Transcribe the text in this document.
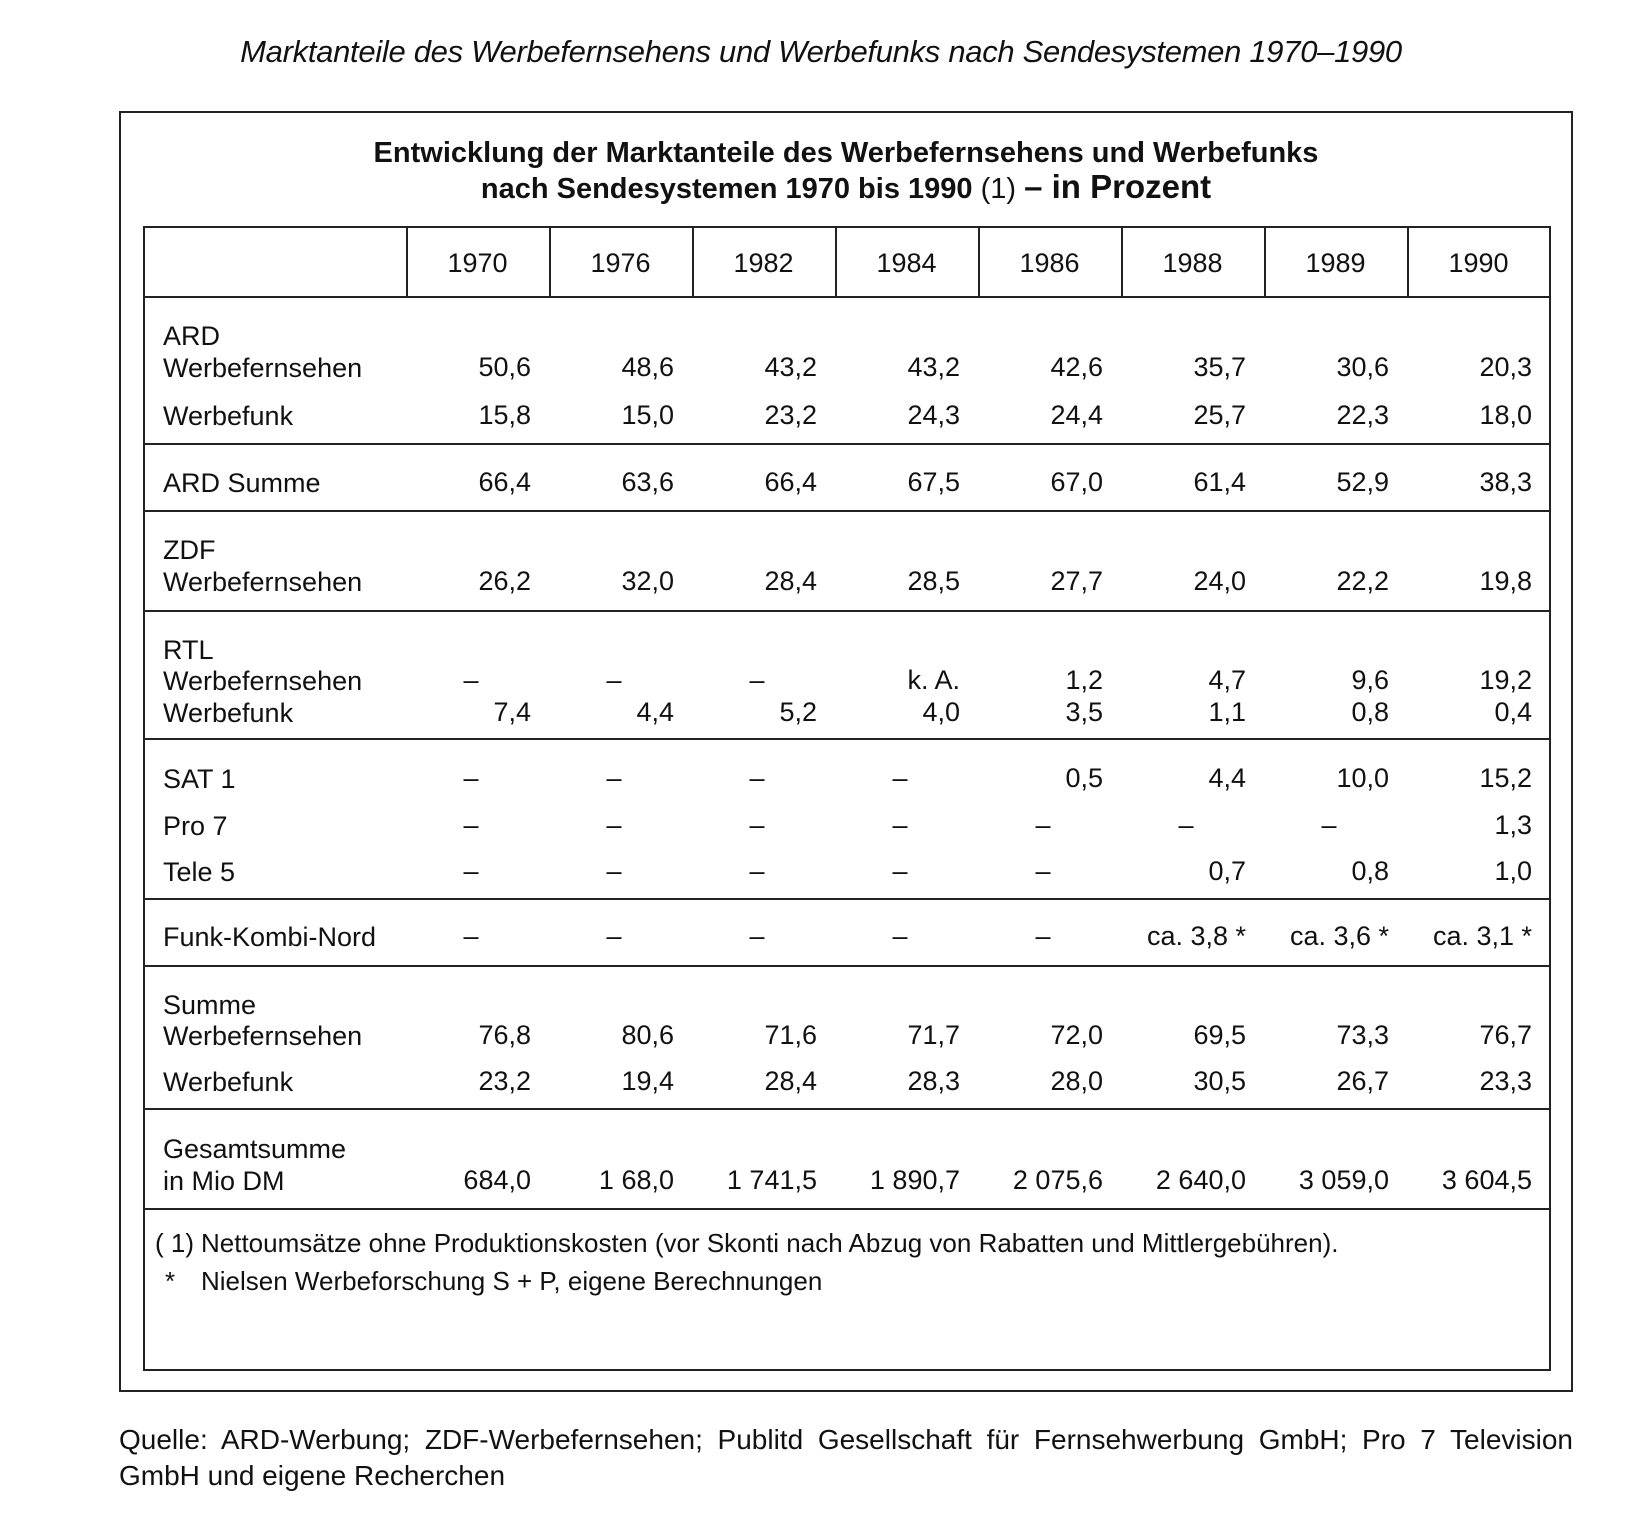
Marktanteile des Werbefernsehens und Werbefunks nach Sendesystemen 1970–1990
Entwicklung der Marktanteile des Werbefernsehens und Werbefunks
nach Sendesystemen 1970 bis 1990 (1) – in Prozent
( 1) Nettoumsätze ohne Produktionskosten (vor Skonti nach Abzug von Rabatten und Mittlergebühren).
* Nielsen Werbeforschung S + P, eigene Berechnungen
1970	1976	1982	1984	1986	1988	1989	1990
ARD
Werbefernsehen	50,6	48,6	43,2	43,2	42,6	35,7	30,6	20,3
Werbefunk	15,8	15,0	23,2	24,3	24,4	25,7	22,3	18,0
ARD Summe	66,4	63,6	66,4	67,5	67,0	61,4	52,9	38,3
ZDF
Werbefernsehen	26,2	32,0	28,4	28,5	27,7	24,0	22,2	19,8
RTL
Werbefernsehen	–	–	–	k. A.	1,2	4,7	9,6	19,2
Werbefunk	7,4	4,4	5,2	4,0	3,5	1,1	0,8	0,4
SAT 1	–	–	–	–	0,5	4,4	10,0	15,2
Pro 7	–	–	–	–	–	–	–	1,3
Tele 5	–	–	–	–	–	0,7	0,8	1,0
Funk-Kombi-Nord	–	–	–	–	–	ca. 3,8 *	ca. 3,6 *	ca. 3,1 *
Summe
Werbefernsehen	76,8	80,6	71,6	71,7	72,0	69,5	73,3	76,7
Werbefunk	23,2	19,4	28,4	28,3	28,0	30,5	26,7	23,3
Gesamtsumme
in Mio DM	684,0	1 68,0	1 741,5	1 890,7	2 075,6	2 640,0	3 059,0	3 604,5
Quelle: ARD-Werbung; ZDF-Werbefernsehen; Publitd Gesellschaft für Fernsehwerbung GmbH; Pro 7 Television GmbH und eigene Recherchen
